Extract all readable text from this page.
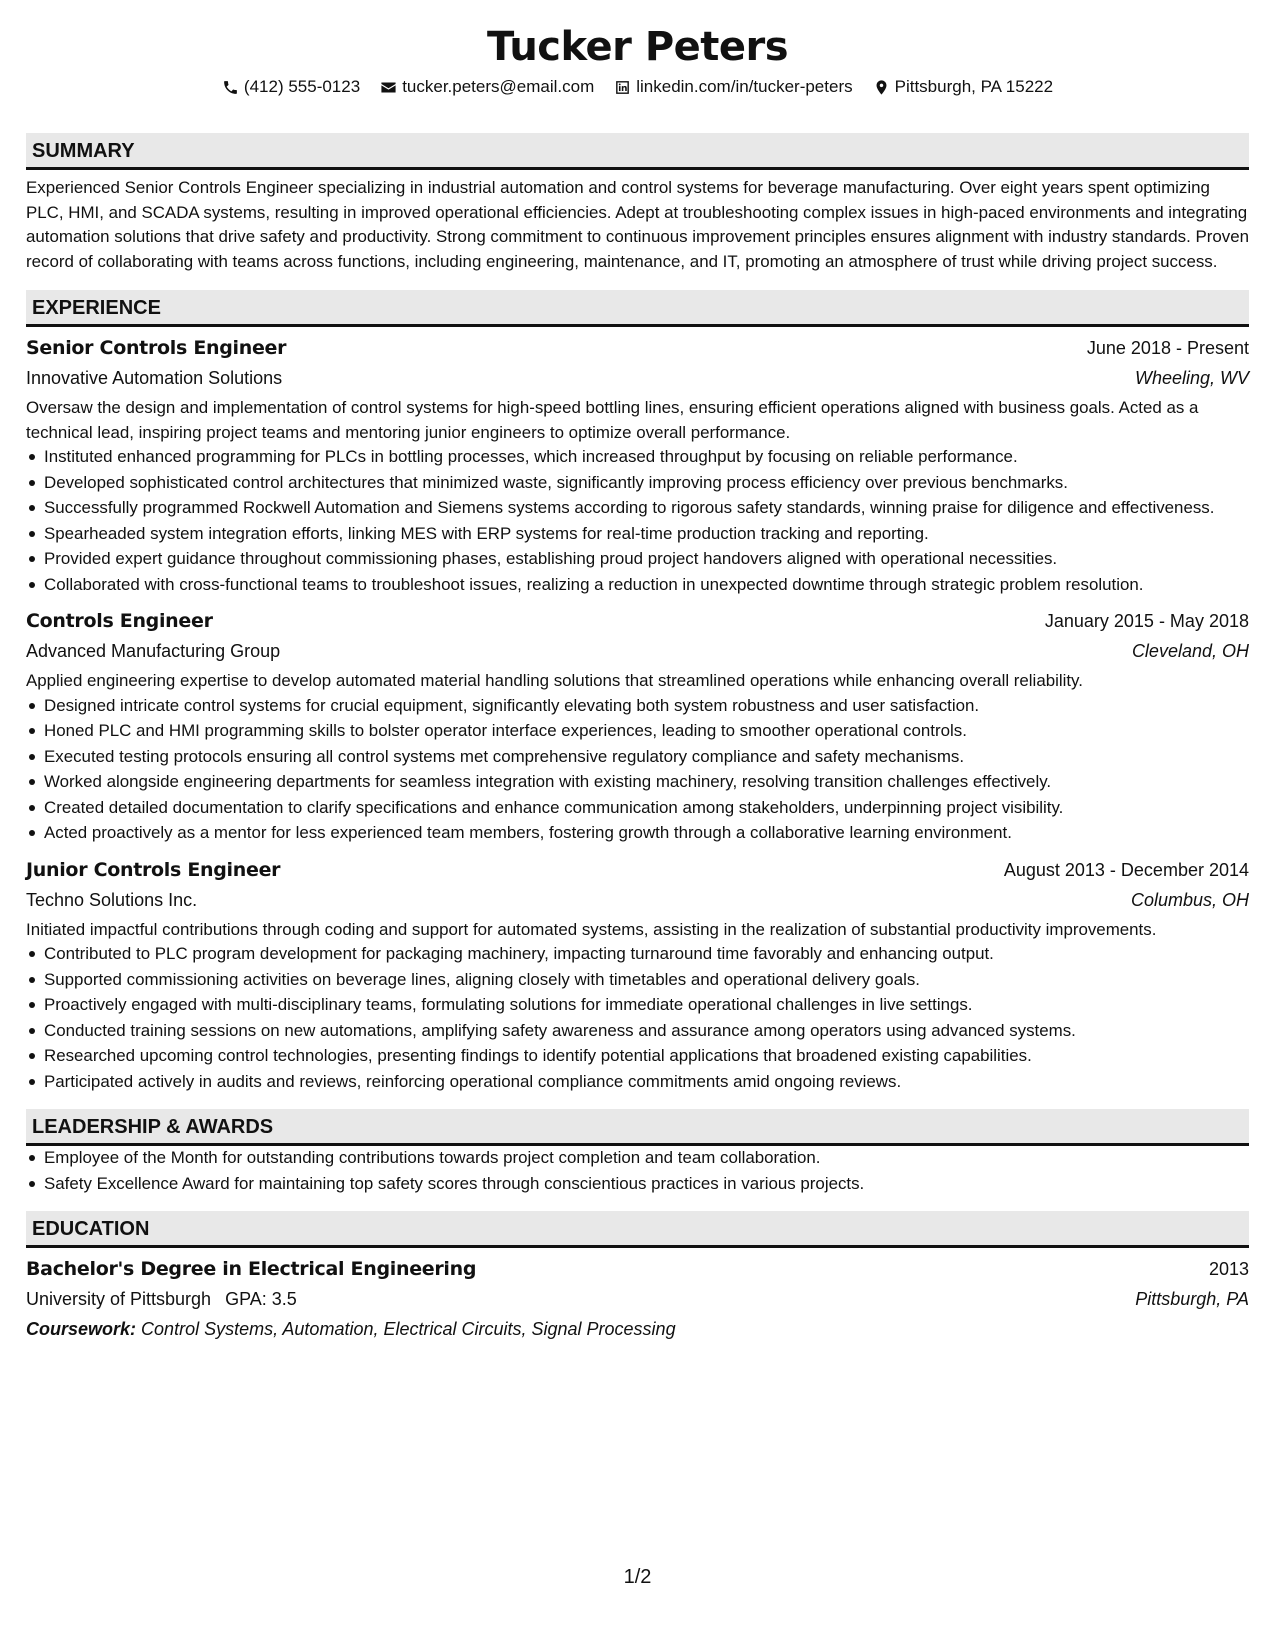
Tucker Peters
(412) 555-0123 tucker.peters@email.com linkedin.com/in/tucker-peters Pittsburgh, PA 15222
SUMMARY

Experienced Senior Controls Engineer specializing in industrial automation and control systems for beverage manufacturing. Over eight years spent optimizing PLC, HMI, and SCADA systems, resulting in improved operational efficiencies. Adept at troubleshooting complex issues in high-paced environments and integrating automation solutions that drive safety and productivity. Strong commitment to continuous improvement principles ensures alignment with industry standards. Proven record of collaborating with teams across functions, including engineering, maintenance, and IT, promoting an atmosphere of trust while driving project success.

EXPERIENCE
Senior Controls Engineer	June 2018 - Present
Innovative Automation Solutions	Wheeling, WV

Oversaw the design and implementation of control systems for high-speed bottling lines, ensuring efficient operations aligned with business goals. Acted as a technical lead, inspiring project teams and mentoring junior engineers to optimize overall performance.

Instituted enhanced programming for PLCs in bottling processes, which increased throughput by focusing on reliable performance.
Developed sophisticated control architectures that minimized waste, significantly improving process efficiency over previous benchmarks.
Successfully programmed Rockwell Automation and Siemens systems according to rigorous safety standards, winning praise for diligence and effectiveness.
Spearheaded system integration efforts, linking MES with ERP systems for real-time production tracking and reporting.
Provided expert guidance throughout commissioning phases, establishing proud project handovers aligned with operational necessities.
Collaborated with cross-functional teams to troubleshoot issues, realizing a reduction in unexpected downtime through strategic problem resolution.
Controls Engineer	January 2015 - May 2018
Advanced Manufacturing Group	Cleveland, OH

Applied engineering expertise to develop automated material handling solutions that streamlined operations while enhancing overall reliability.

Designed intricate control systems for crucial equipment, significantly elevating both system robustness and user satisfaction.
Honed PLC and HMI programming skills to bolster operator interface experiences, leading to smoother operational controls.
Executed testing protocols ensuring all control systems met comprehensive regulatory compliance and safety mechanisms.
Worked alongside engineering departments for seamless integration with existing machinery, resolving transition challenges effectively.
Created detailed documentation to clarify specifications and enhance communication among stakeholders, underpinning project visibility.
Acted proactively as a mentor for less experienced team members, fostering growth through a collaborative learning environment.
Junior Controls Engineer	August 2013 - December 2014
Techno Solutions Inc.	Columbus, OH

Initiated impactful contributions through coding and support for automated systems, assisting in the realization of substantial productivity improvements.

Contributed to PLC program development for packaging machinery, impacting turnaround time favorably and enhancing output.
Supported commissioning activities on beverage lines, aligning closely with timetables and operational delivery goals.
Proactively engaged with multi-disciplinary teams, formulating solutions for immediate operational challenges in live settings.
Conducted training sessions on new automations, amplifying safety awareness and assurance among operators using advanced systems.
Researched upcoming control technologies, presenting findings to identify potential applications that broadened existing capabilities.
Participated actively in audits and reviews, reinforcing operational compliance commitments amid ongoing reviews.
LEADERSHIP & AWARDS
Employee of the Month for outstanding contributions towards project completion and team collaboration.
Safety Excellence Award for maintaining top safety scores through conscientious practices in various projects.
EDUCATION
Bachelor's Degree in Electrical Engineering	2013
University of Pittsburgh GPA: 3.5	Pittsburgh, PA
Coursework: Control Systems, Automation, Electrical Circuits, Signal Processing
1/2
